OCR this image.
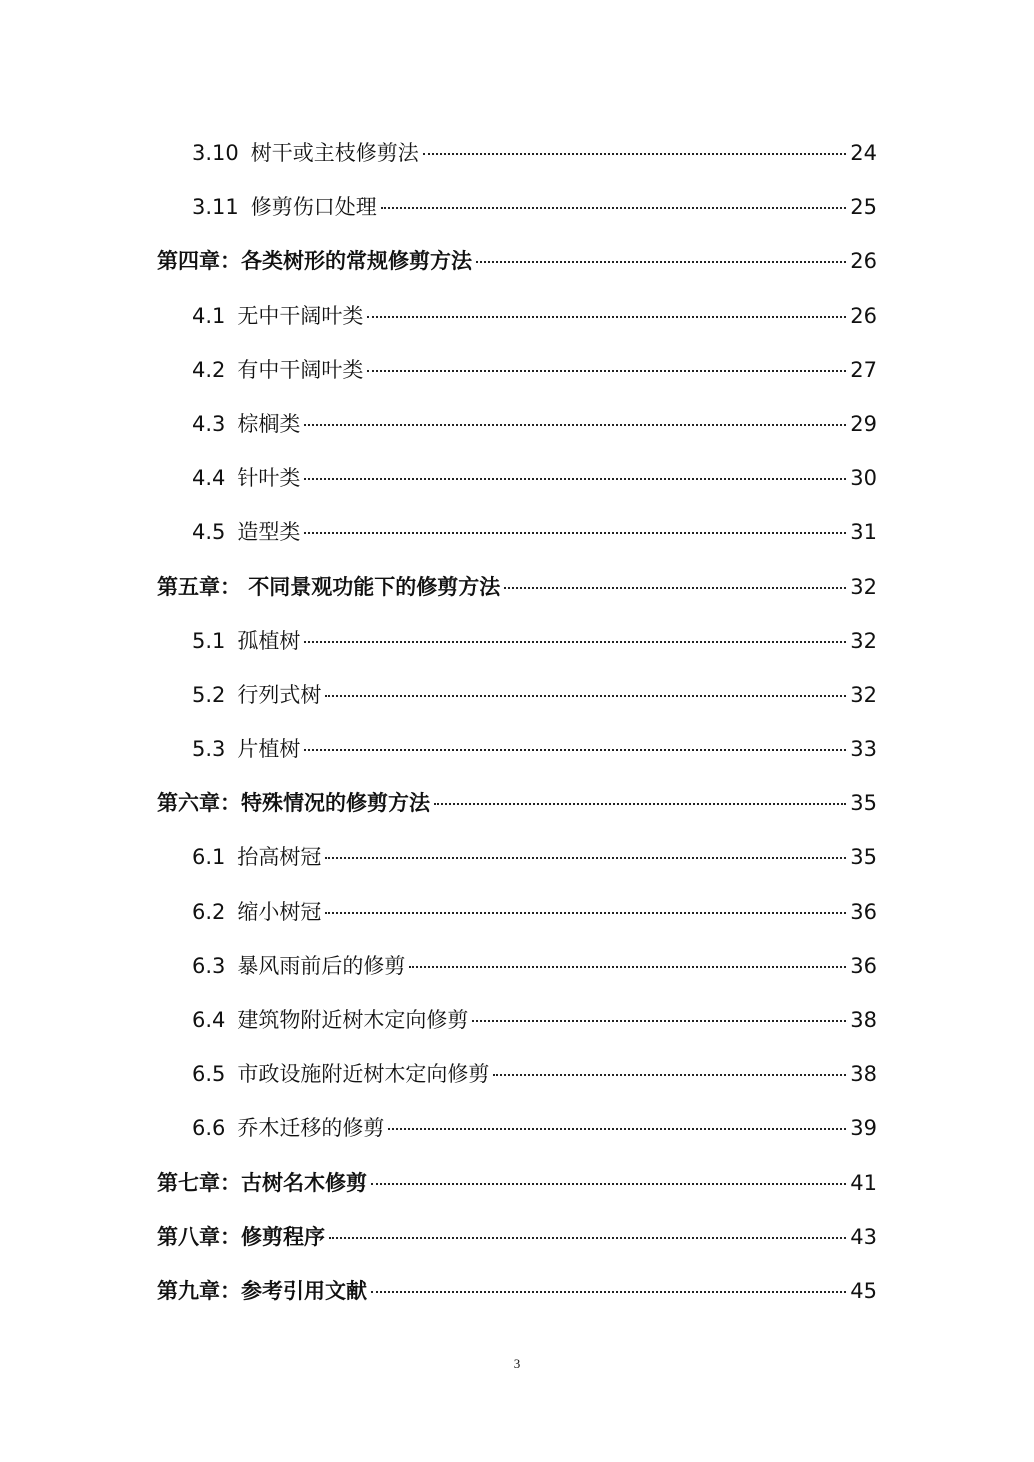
3.10 树干或主枝修剪法	24
3.11 修剪伤口处理	25
第四章：各类树形的常规修剪方法	26
4.1 无中干阔叶类	26
4.2 有中干阔叶类	27
4.3 棕榈类	29
4.4 针叶类	30
4.5 造型类	31
第五章： 不同景观功能下的修剪方法	32
5.1 孤植树	32
5.2 行列式树	32
5.3 片植树	33
第六章：特殊情况的修剪方法	35
6.1 抬高树冠	35
6.2 缩小树冠	36
6.3 暴风雨前后的修剪	36
6.4 建筑物附近树木定向修剪	38
6.5 市政设施附近树木定向修剪	38
6.6 乔木迁移的修剪	39
第七章：古树名木修剪	41
第八章：修剪程序	43
第九章：参考引用文献	45
3
